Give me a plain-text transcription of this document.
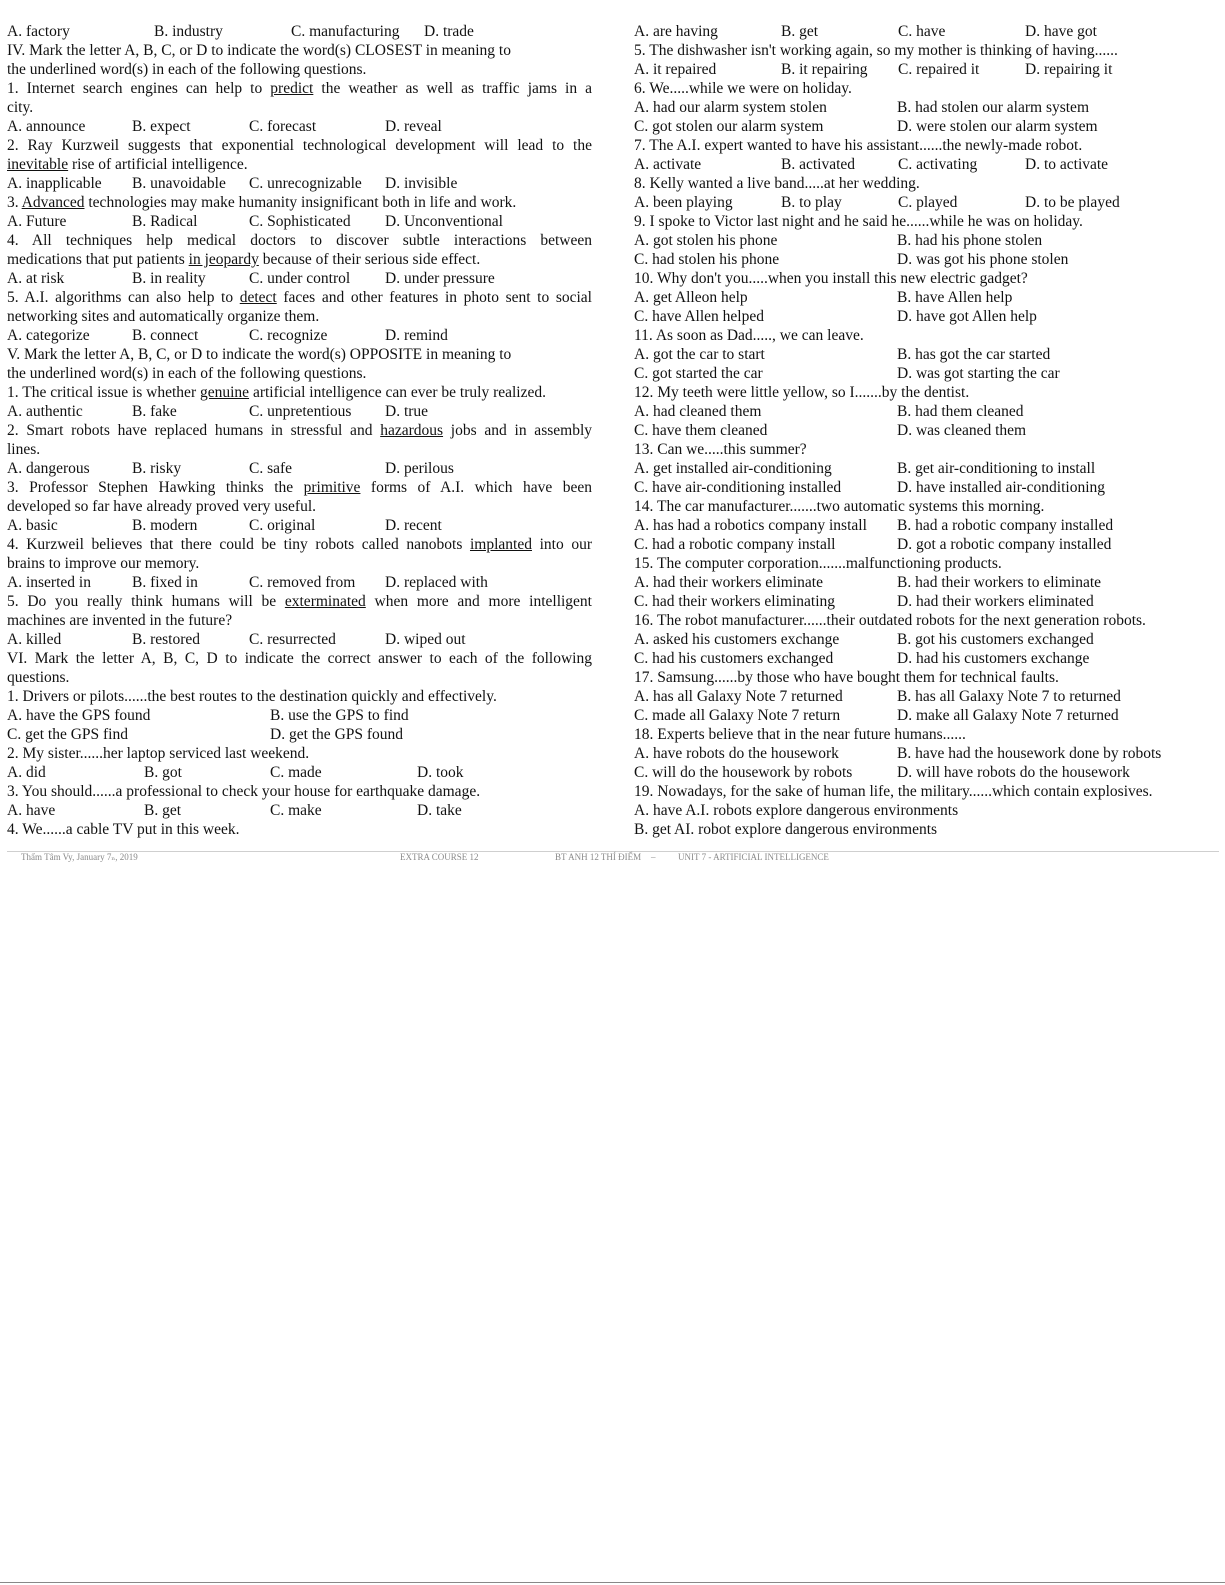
A. factory	B. industry	C. manufacturing D. trade
IV. Mark the letter A, B, C, or D to indicate the word(s) CLOSEST in meaning to
the underlined word(s) in each of the following questions.
1. Internet search engines can help to predict the weather as well as traffic jams in a
city.
A. announce	B. expect	C. forecast	D. reveal
2. Ray Kurzweil suggests that exponential technological development will lead to the
inevitable rise of artificial intelligence.
A. inapplicable B. unavoidable C. unrecognizable D. invisible
3. Advanced technologies may make humanity insignificant both in life and work.
A. Future	B. Radical	C. Sophisticated D. Unconventional
4. All techniques help medical doctors to discover subtle interactions between
medications that put patients in jeopardy because of their serious side effect.
A. at risk	B. in reality	C. under control D. under pressure
5. A.I. algorithms can also help to detect faces and other features in photo sent to social
networking sites and automatically organize them.
A. categorize	B. connect	C. recognize	D. remind
V. Mark the letter A, B, C, or D to indicate the word(s) OPPOSITE in meaning to
the underlined word(s) in each of the following questions.
1. The critical issue is whether genuine artificial intelligence can ever be truly realized.
A. authentic	B. fake	C. unpretentious D. true
2. Smart robots have replaced humans in stressful and hazardous jobs and in assembly
lines.
A. dangerous	B. risky	C. safe	D. perilous
3. Professor Stephen Hawking thinks the primitive forms of A.I. which have been
developed so far have already proved very useful.
A. basic	B. modern	C. original	D. recent
4. Kurzweil believes that there could be tiny robots called nanobots implanted into our
brains to improve our memory.
A. inserted in	B. fixed in	C. removed from D. replaced with
5. Do you really think humans will be exterminated when more and more intelligent
machines are invented in the future?
A. killed	B. restored	C. resurrected	D. wiped out
VI. Mark the letter A, B, C, D to indicate the correct answer to each of the following
questions.
1. Drivers or pilots......the best routes to the destination quickly and effectively.
A. have the GPS found	B. use the GPS to find
C. get the GPS find	D. get the GPS found
2. My sister......her laptop serviced last weekend.
A. did	B. got	C. made	D. took
3. You should......a professional to check your house for earthquake damage.
A. have	B. get	C. make	D. take
4. We......a cable TV put in this week.
A. are having	B. get	C. have	D. have got
5. The dishwasher isn't working again, so my mother is thinking of having......
A. it repaired	B. it repairing C. repaired it	D. repairing it
6. We.....while we were on holiday.
A. had our alarm system stolen	B. had stolen our alarm system
C. got stolen our alarm system	D. were stolen our alarm system
7. The A.I. expert wanted to have his assistant......the newly-made robot.
A. activate	B. activated	C. activating	D. to activate
8. Kelly wanted a live band.....at her wedding.
A. been playing	B. to play	C. played	D. to be played
9. I spoke to Victor last night and he said he......while he was on holiday.
A. got stolen his phone	B. had his phone stolen
C. had stolen his phone	D. was got his phone stolen
10. Why don't you.....when you install this new electric gadget?
A. get Alleon help	B. have Allen help
C. have Allen helped	D. have got Allen help
11. As soon as Dad....., we can leave.
A. got the car to start	B. has got the car started
C. got started the car	D. was got starting the car
12. My teeth were little yellow, so I.......by the dentist.
A. had cleaned them	B. had them cleaned
C. have them cleaned	D. was cleaned them
13. Can we.....this summer?
A. get installed air-conditioning	B. get air-conditioning to install
C. have air-conditioning installed	D. have installed air-conditioning
14. The car manufacturer.......two automatic systems this morning.
A. has had a robotics company install B. had a robotic company installed
C. had a robotic company install	D. got a robotic company installed
15. The computer corporation.......malfunctioning products.
A. had their workers eliminate	B. had their workers to eliminate
C. had their workers eliminating	D. had their workers eliminated
16. The robot manufacturer......their outdated robots for the next generation robots.
A. asked his customers exchange	B. got his customers exchanged
C. had his customers exchanged	D. had his customers exchange
17. Samsung......by those who have bought them for technical faults.
A. has all Galaxy Note 7 returned	B. has all Galaxy Note 7 to returned
C. made all Galaxy Note 7 return	D. make all Galaxy Note 7 returned
18. Experts believe that in the near future humans......
A. have robots do the housework	B. have had the housework done by robots
C. will do the housework by robots	D. will have robots do the housework
19. Nowadays, for the sake of human life, the military......which contain explosives.
A. have A.I. robots explore dangerous environments
B. get AI. robot explore dangerous environments
Thẩm Tâm Vy, January 7ₙ, 2019	EXTRA COURSE 12	BT ANH 12 THÍ ĐIỂM –	UNIT 7 - ARTIFICIAL INTELLIGENCE
